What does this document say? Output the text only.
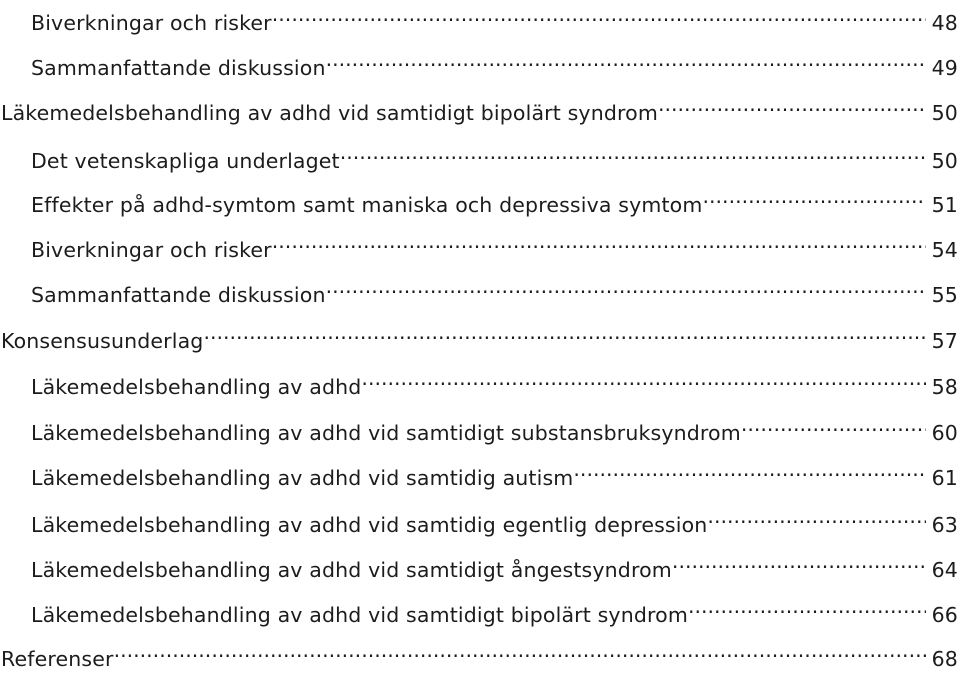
Biverkningar och risker .....	48
Sammanfattande diskussion .....	49
Läkemedelsbehandling av adhd vid samtidigt bipolärt syndrom .....	50
Det vetenskapliga underlaget .....	50
Effekter på adhd-symtom samt maniska och depressiva symtom .....	51
Biverkningar och risker .....	54
Sammanfattande diskussion .....	55
Konsensusunderlag .....	57
Läkemedelsbehandling av adhd .....	58
Läkemedelsbehandling av adhd vid samtidigt substansbruksyndrom .....	60
Läkemedelsbehandling av adhd vid samtidig autism .....	61
Läkemedelsbehandling av adhd vid samtidig egentlig depression .....	63
Läkemedelsbehandling av adhd vid samtidigt ångestsyndrom .....	64
Läkemedelsbehandling av adhd vid samtidigt bipolärt syndrom .....	66
Referenser .....	68
